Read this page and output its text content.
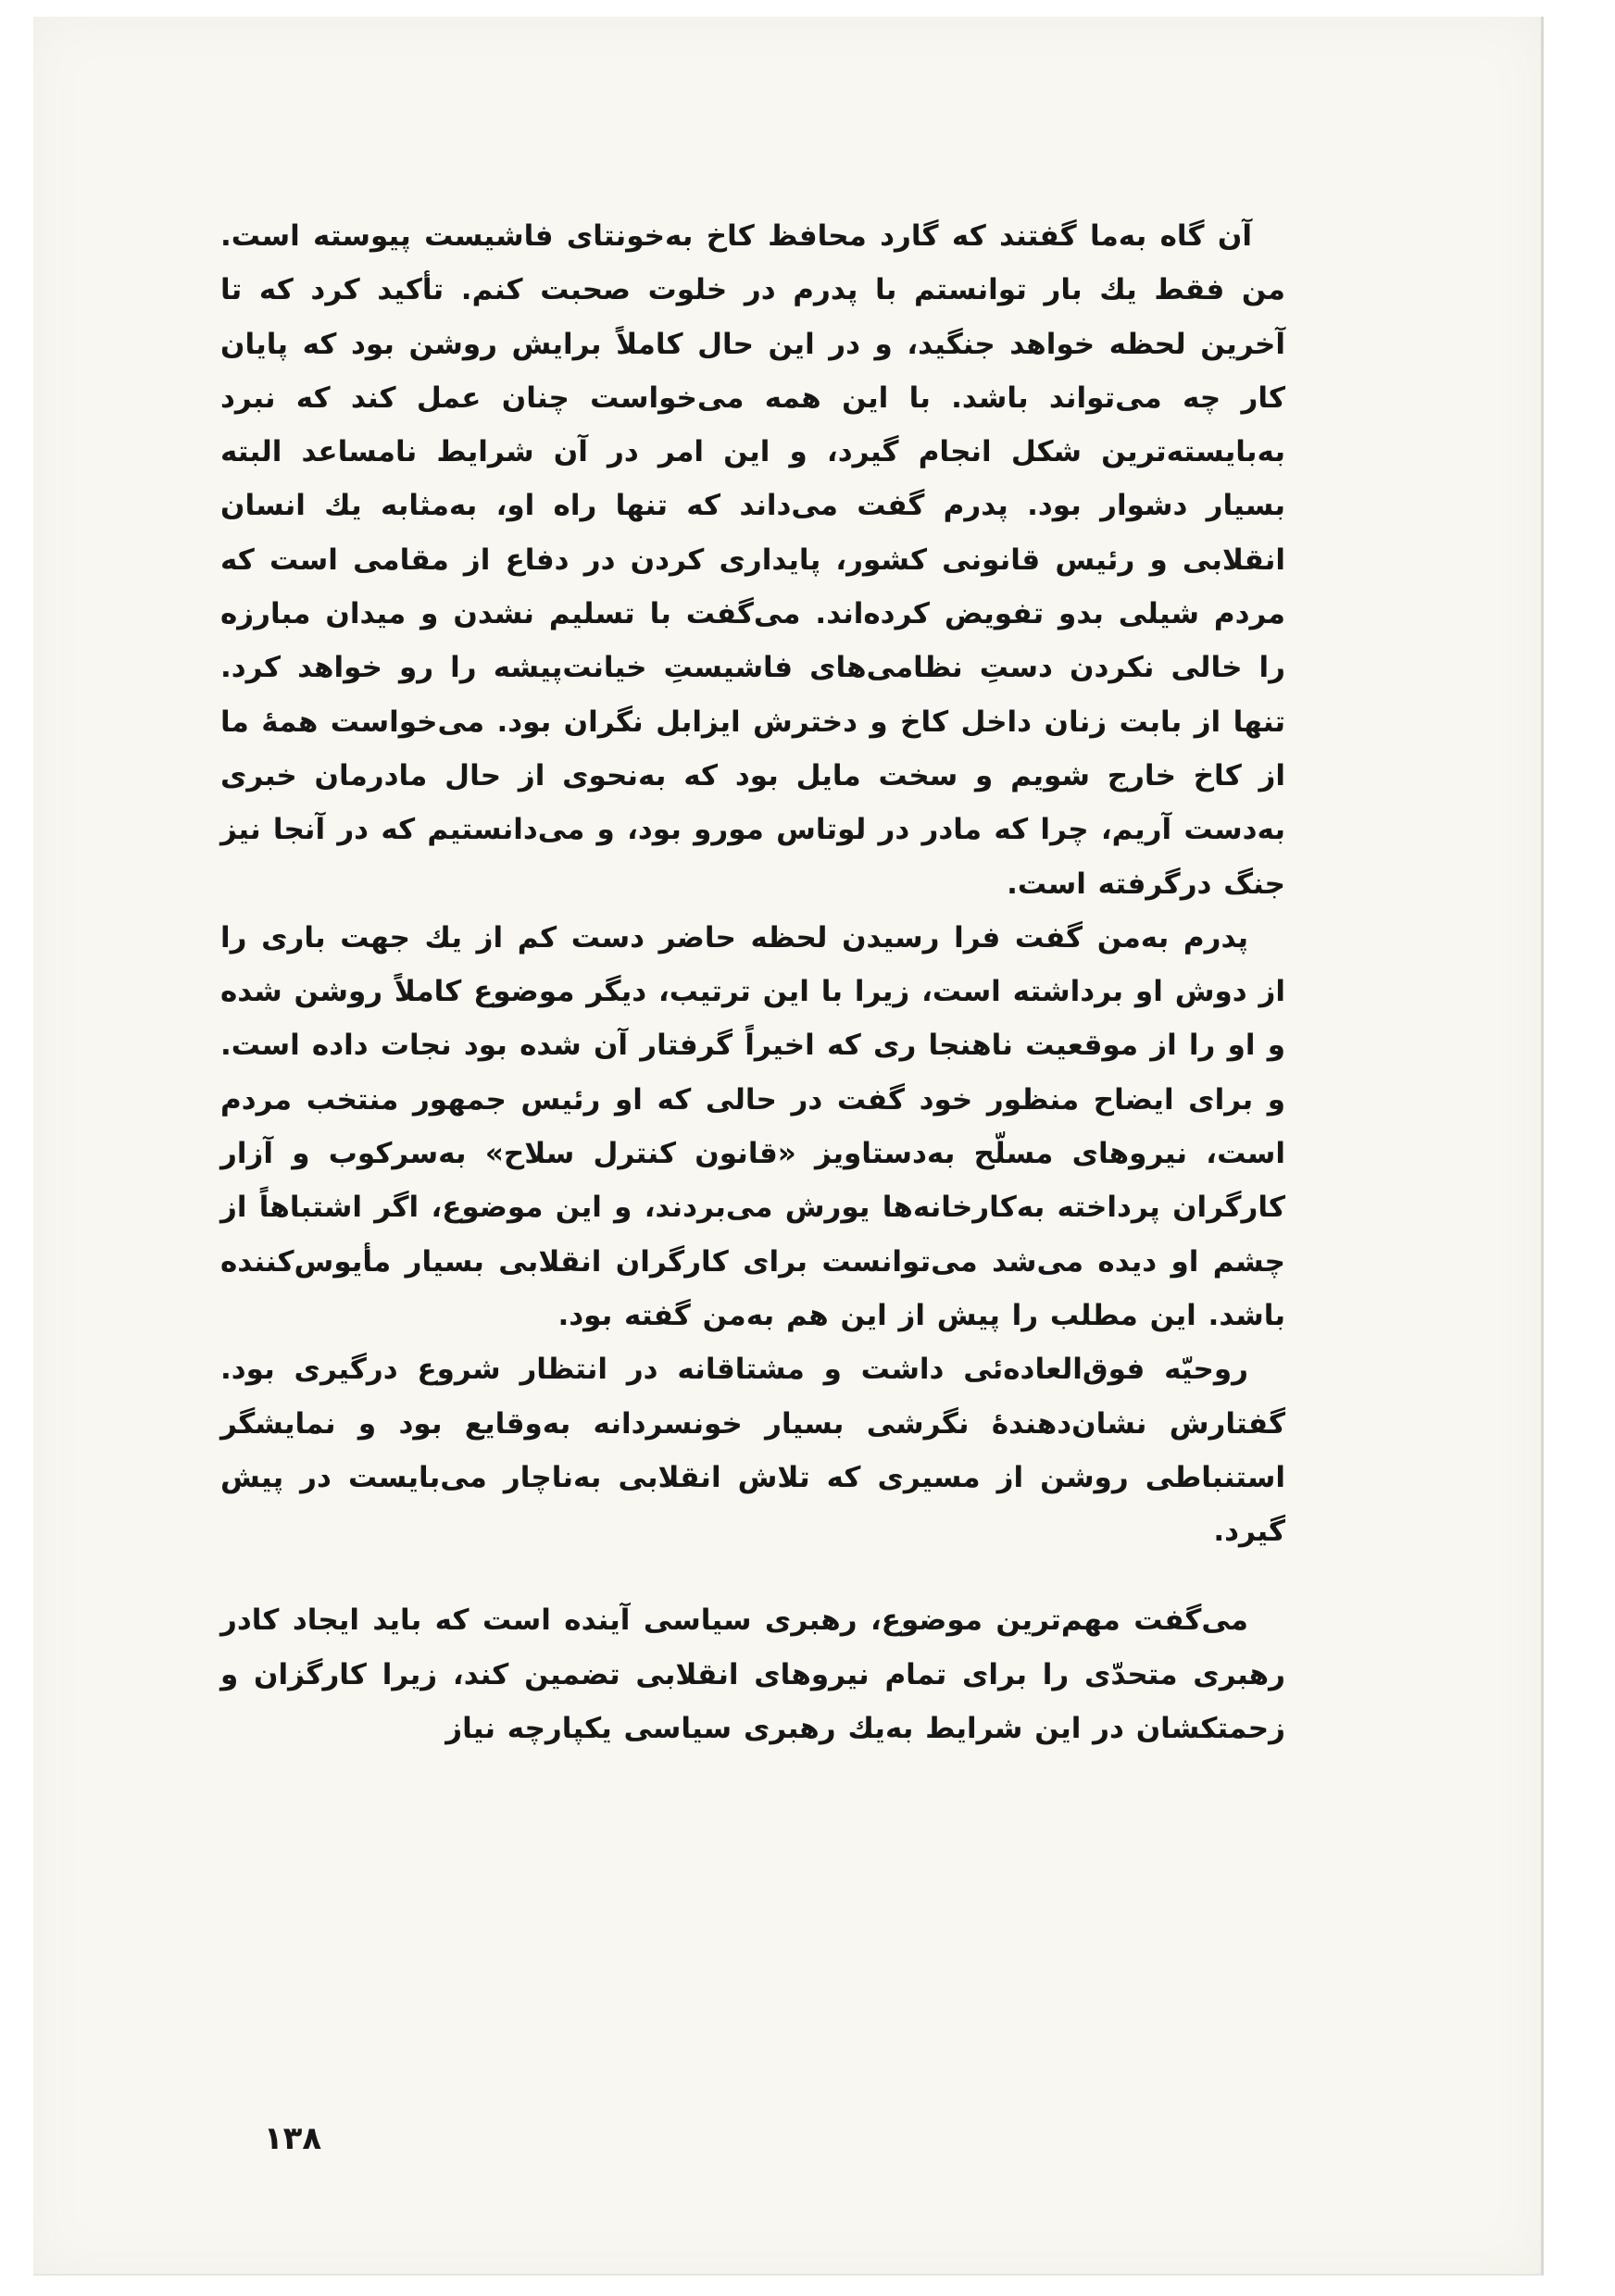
آن گاه به‌ما گفتند که گارد محافظ کاخ به‌خونتای فاشیست پیوسته است. من فقط یك بار توانستم با پدرم در خلوت صحبت کنم. تأکید کرد که تا آخرین لحظه خواهد جنگید، و در این حال کاملاً برایش روشن بود که پایان کار چه می‌تواند باشد. با این همه می‌خواست چنان عمل کند که نبرد به‌بایسته‌ترین شکل انجام گیرد، و این امر در آن شرایط نامساعد البته بسیار دشوار بود. پدرم گفت می‌داند که تنها راه او، به‌مثابه یك انسان انقلابی و رئیس قانونی کشور، پایداری کردن در دفاع از مقامی است که مردم شیلی بدو تفویض کرده‌اند. می‌گفت با تسلیم نشدن و میدان مبارزه را خالی نکردن دستِ نظامی‌های فاشیستِ خیانت‌پیشه را رو خواهد کرد. تنها از بابت زنان داخل کاخ و دخترش ایزابل نگران بود. می‌خواست همهٔ ما از کاخ خارج شویم و سخت مایل بود که به‌نحوی از حال مادرمان خبری به‌دست آریم، چرا که مادر در لوتاس مورو بود، و می‌دانستیم که در آنجا نیز جنگ درگرفته است.

پدرم به‌من گفت فرا رسیدن لحظه حاضر دست کم از یك جهت باری را از دوش او برداشته است، زیرا با این ترتیب، دیگر موضوع کاملاً روشن شده و او را از موقعیت ناهنجا ری که اخیراً گرفتار آن شده بود نجات داده است. و برای ایضاح منظور خود گفت در حالی که او رئیس جمهور منتخب مردم است، نیروهای مسلّح به‌دستاویز «قانون کنترل سلاح» به‌سرکوب و آزار کارگران پرداخته به‌کارخانه‌ها یورش می‌بردند، و این موضوع، اگر اشتباهاً از چشم او دیده می‌شد می‌توانست برای کارگران انقلابی بسیار مأیوس‌کننده باشد. این مطلب را پیش از این هم به‌من گفته بود.

روحیّه فوق‌العاده‌ئی داشت و مشتاقانه در انتظار شروع درگیری بود. گفتارش نشان‌دهندهٔ نگرشی بسیار خونسردانه به‌وقایع بود و نمایشگر استنباطی روشن از مسیری که تلاش انقلابی به‌ناچار می‌بایست در پیش گیرد.

می‌گفت مهم‌ترین موضوع، رهبری سیاسی آینده است که باید ایجاد کادر رهبری متحدّی را برای تمام نیروهای انقلابی تضمین کند، زیرا کارگزان و زحمتکشان در این شرایط به‌یك رهبری سیاسی یکپارچه نیاز

۱۳۸
